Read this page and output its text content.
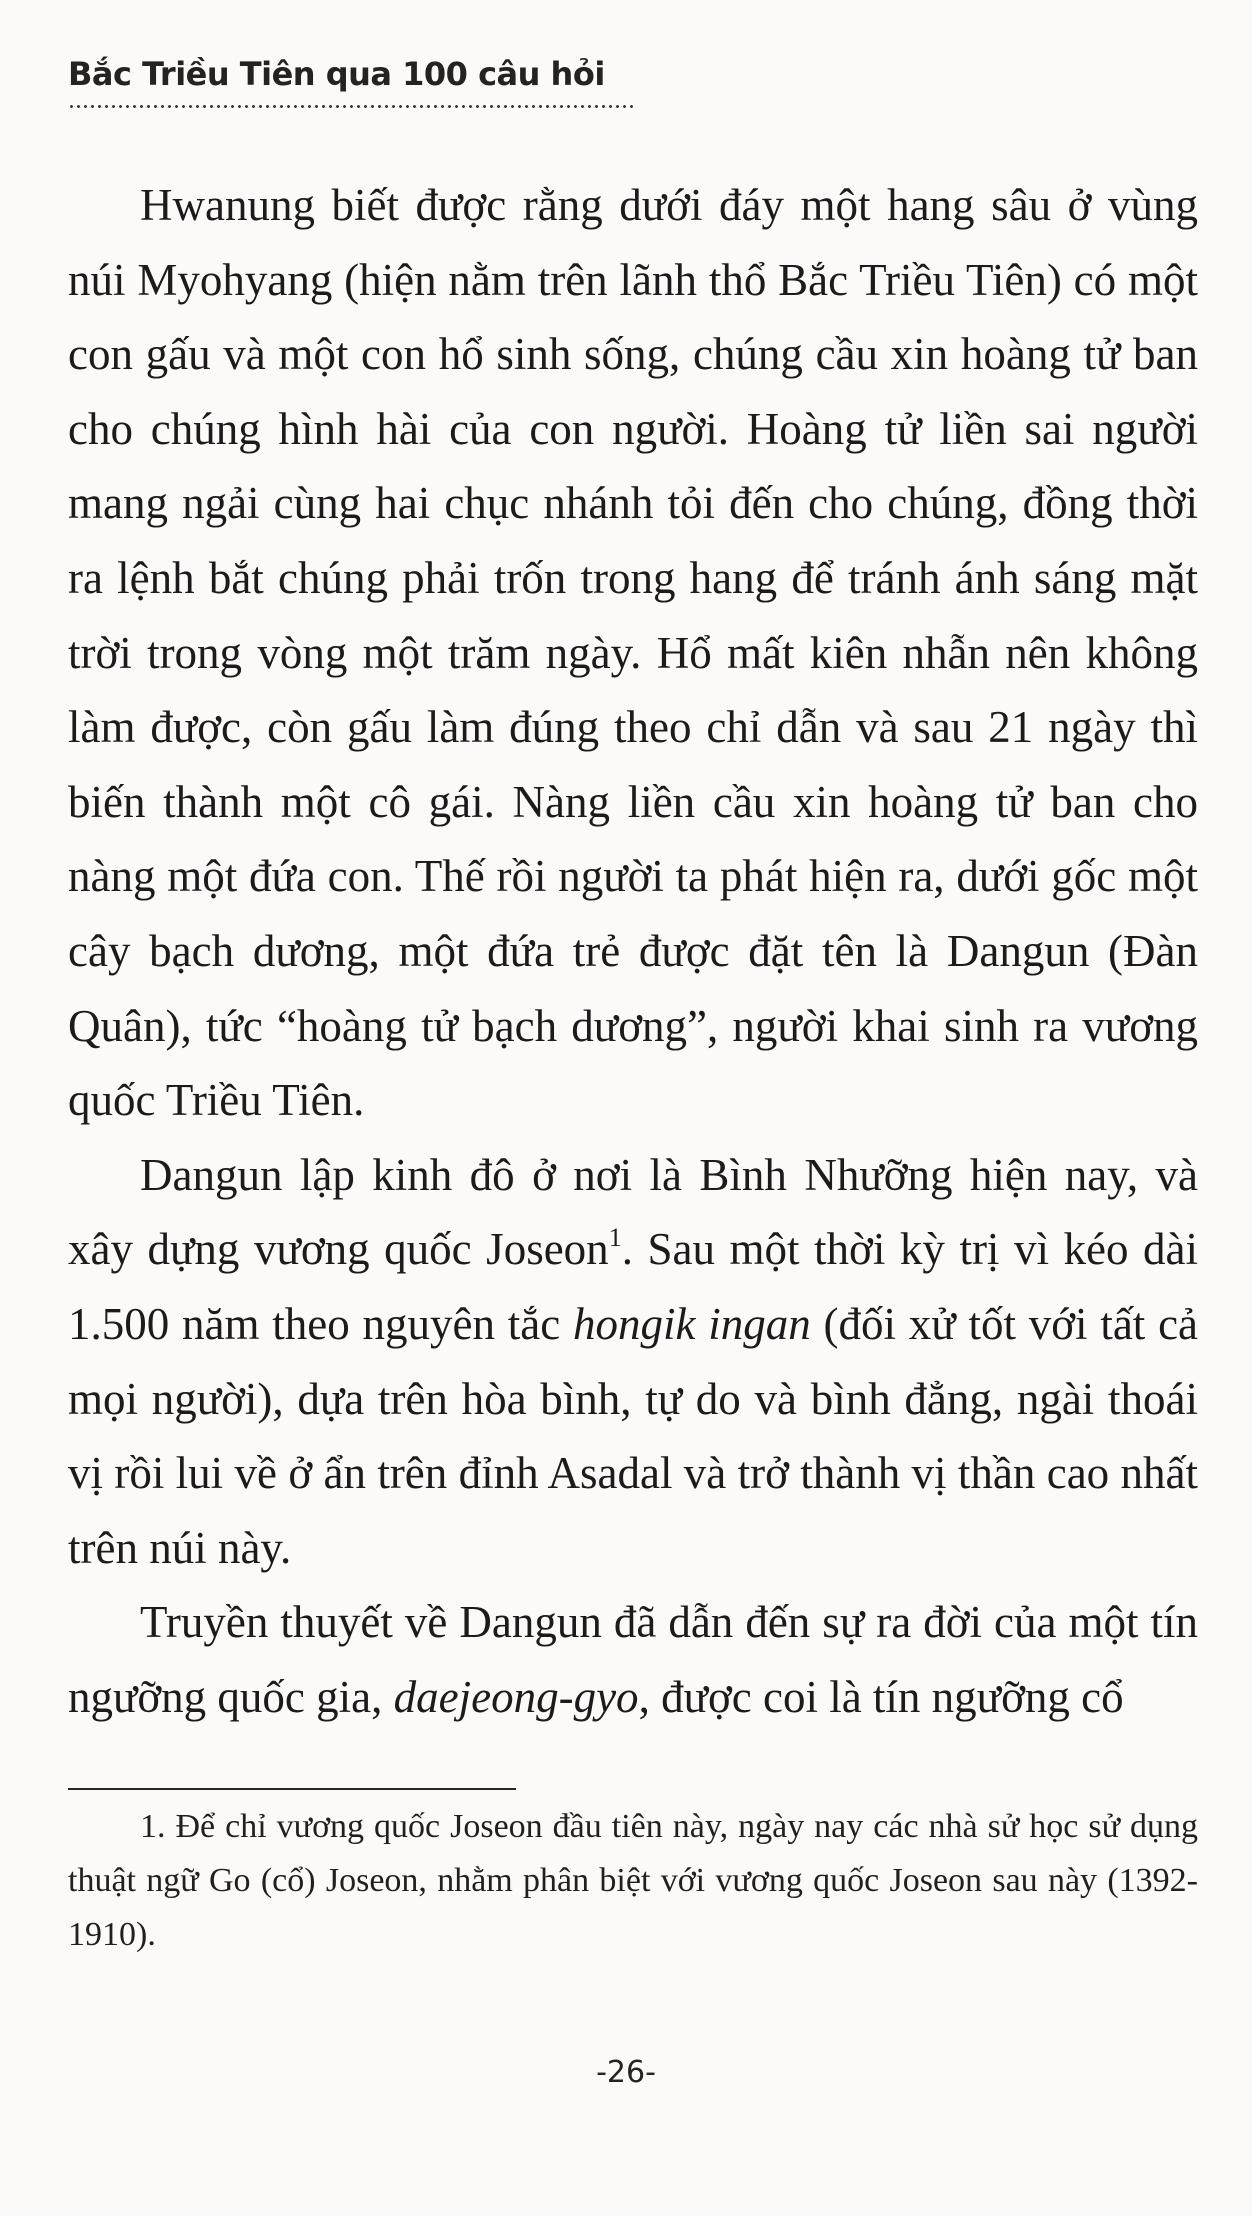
Bắc Triều Tiên qua 100 câu hỏi

Hwanung biết được rằng dưới đáy một hang sâu ở vùng núi Myohyang (hiện nằm trên lãnh thổ Bắc Triều Tiên) có một con gấu và một con hổ sinh sống, chúng cầu xin hoàng tử ban cho chúng hình hài của con người. Hoàng tử liền sai người mang ngải cùng hai chục nhánh tỏi đến cho chúng, đồng thời ra lệnh bắt chúng phải trốn trong hang để tránh ánh sáng mặt trời trong vòng một trăm ngày. Hổ mất kiên nhẫn nên không làm được, còn gấu làm đúng theo chỉ dẫn và sau 21 ngày thì biến thành một cô gái. Nàng liền cầu xin hoàng tử ban cho nàng một đứa con. Thế rồi người ta phát hiện ra, dưới gốc một cây bạch dương, một đứa trẻ được đặt tên là Dangun (Đàn Quân), tức “hoàng tử bạch dương”, người khai sinh ra vương quốc Triều Tiên.

Dangun lập kinh đô ở nơi là Bình Nhưỡng hiện nay, và xây dựng vương quốc Joseon$^1$. Sau một thời kỳ trị vì kéo dài 1.500 năm theo nguyên tắc hongik ingan (đối xử tốt với tất cả mọi người), dựa trên hòa bình, tự do và bình đẳng, ngài thoái vị rồi lui về ở ẩn trên đỉnh Asadal và trở thành vị thần cao nhất trên núi này.

Truyền thuyết về Dangun đã dẫn đến sự ra đời của một tín ngưỡng quốc gia, daejeong-gyo, được coi là tín ngưỡng cổ

1. Để chỉ vương quốc Joseon đầu tiên này, ngày nay các nhà sử học sử dụng thuật ngữ Go (cổ) Joseon, nhằm phân biệt với vương quốc Joseon sau này (1392-1910).

-26-
